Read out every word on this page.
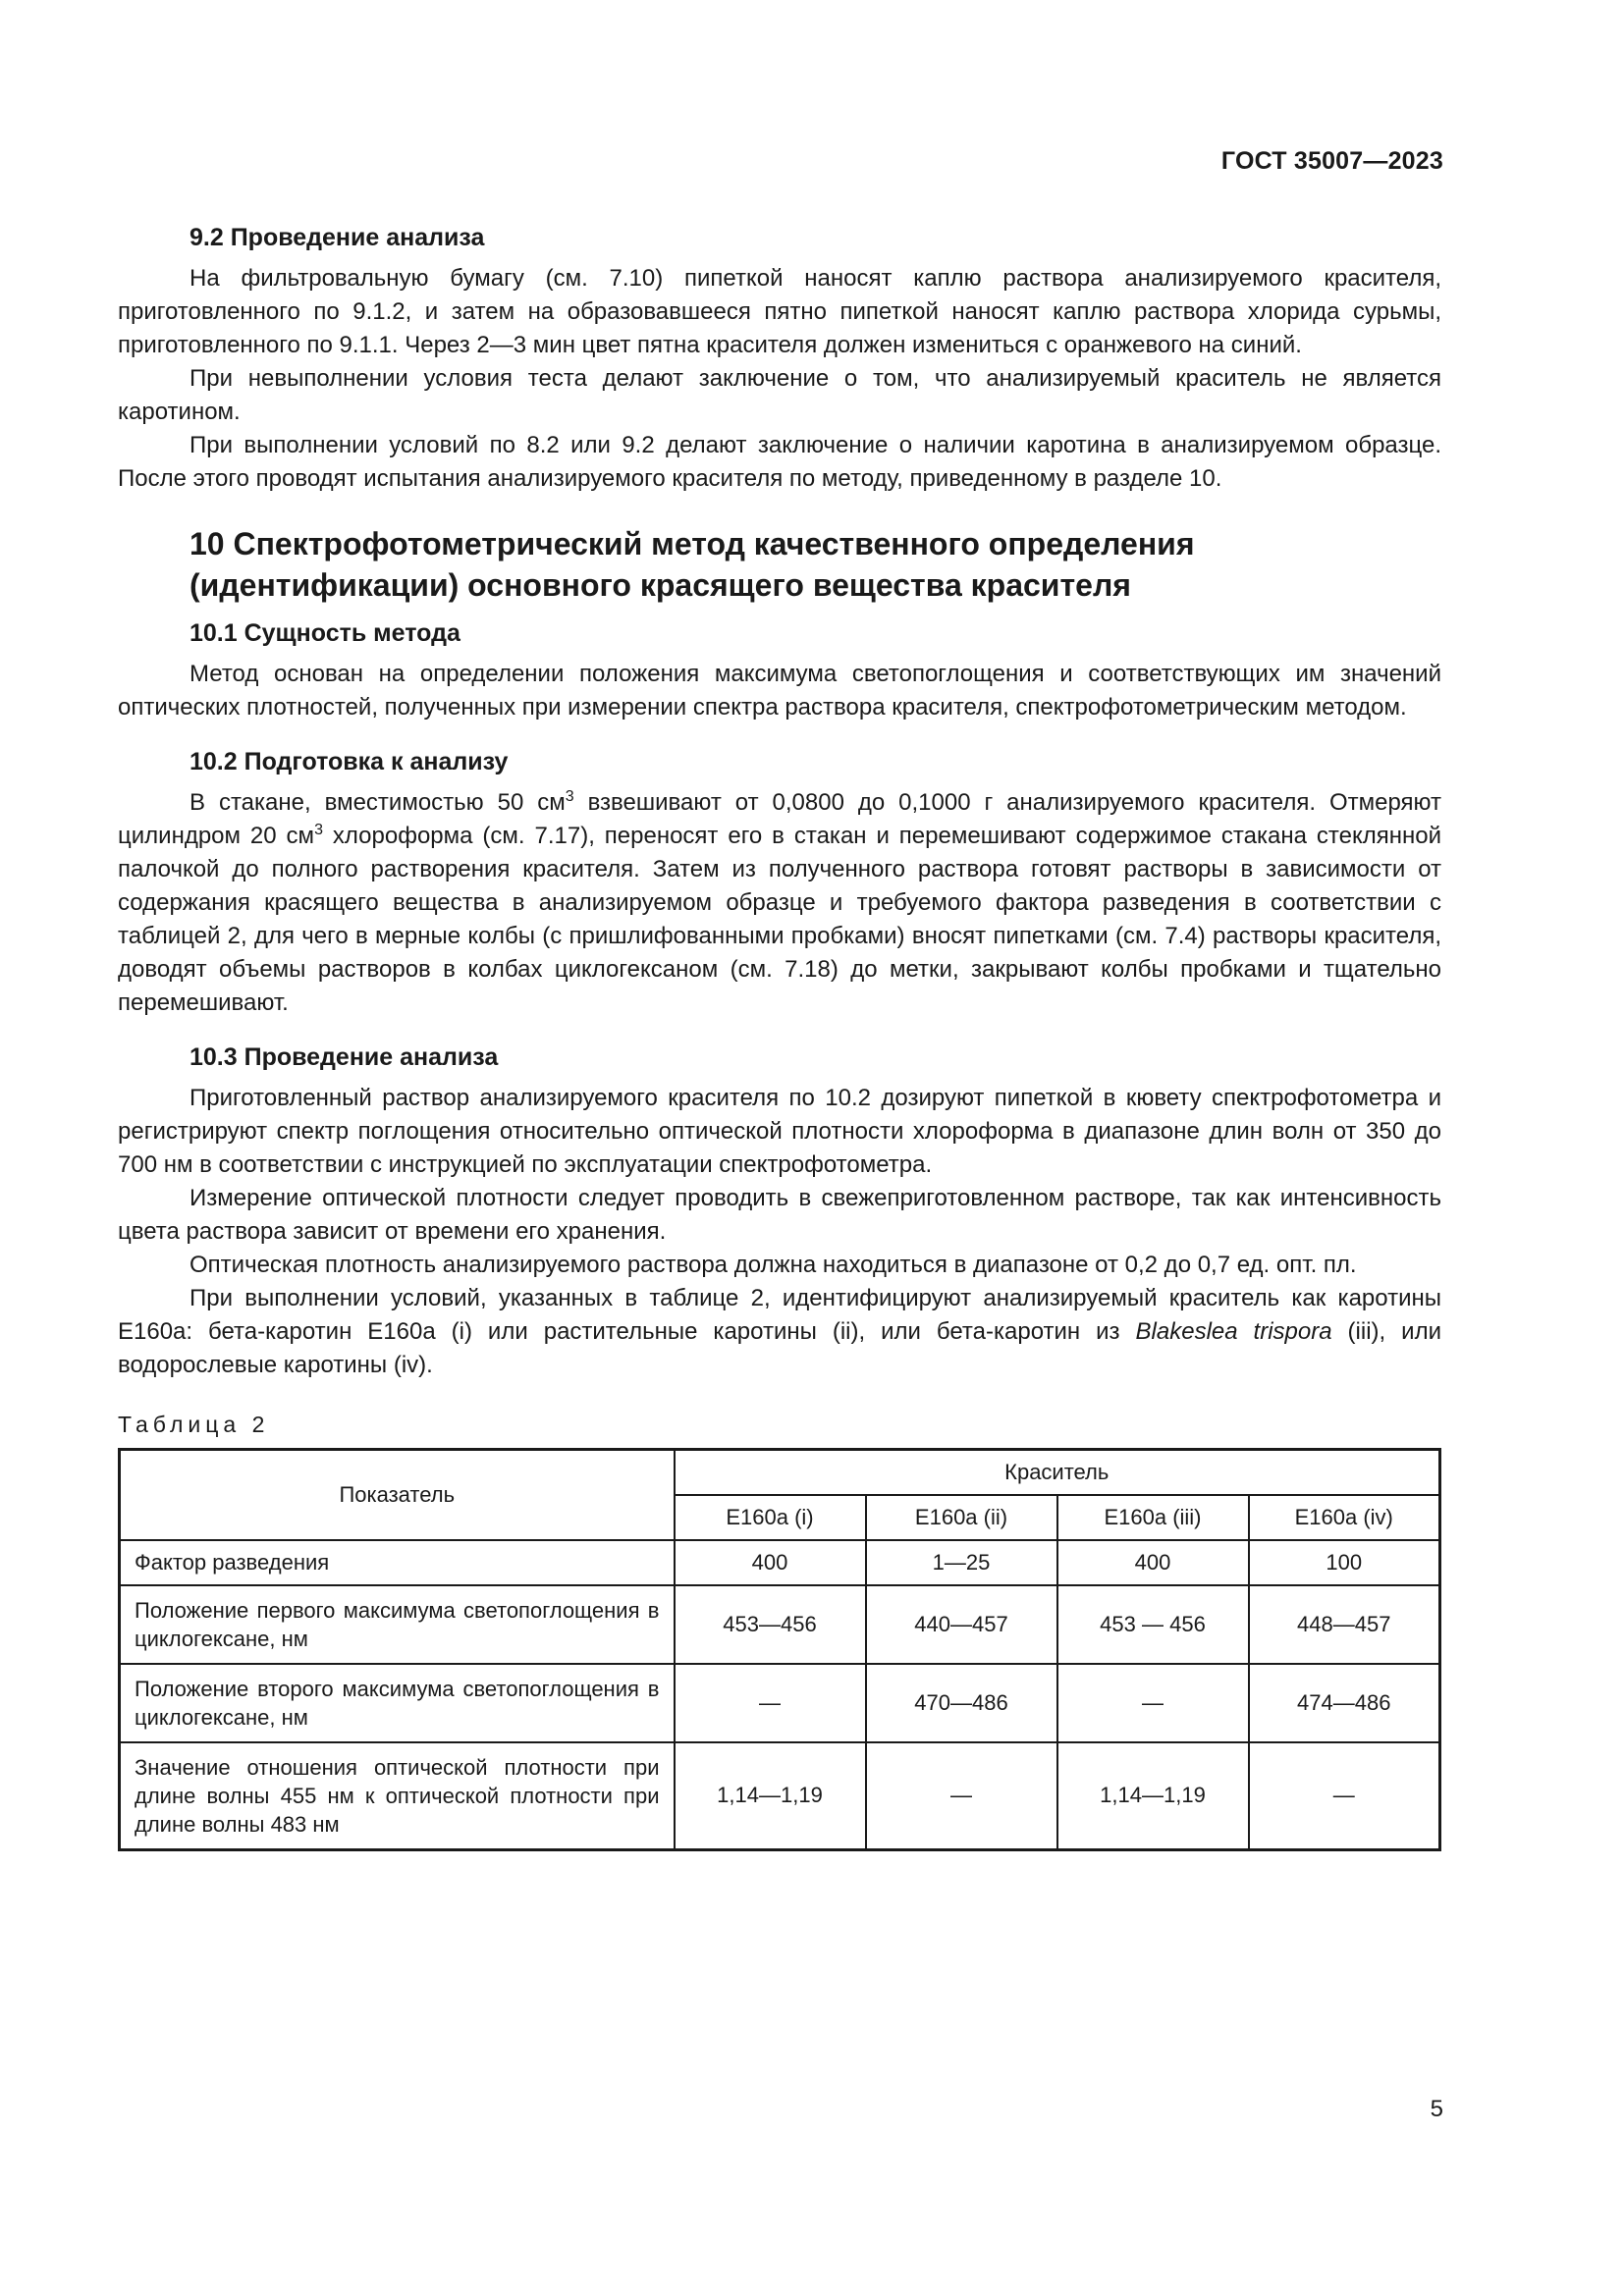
ГОСТ 35007—2023
9.2 Проведение анализа

На фильтровальную бумагу (см. 7.10) пипеткой наносят каплю раствора анализируемого красителя, приготовленного по 9.1.2, и затем на образовавшееся пятно пипеткой наносят каплю раствора хлорида сурьмы, приготовленного по 9.1.1. Через 2—3 мин цвет пятна красителя должен измениться с оранжевого на синий.

При невыполнении условия теста делают заключение о том, что анализируемый краситель не является каротином.

При выполнении условий по 8.2 или 9.2 делают заключение о наличии каротина в анализируемом образце. После этого проводят испытания анализируемого красителя по методу, приведенному в разделе 10.

10 Спектрофотометрический метод качественного определения
(идентификации) основного красящего вещества красителя
10.1 Сущность метода

Метод основан на определении положения максимума светопоглощения и соответствующих им значений оптических плотностей, полученных при измерении спектра раствора красителя, спектрофотометрическим методом.

10.2 Подготовка к анализу

В стакане, вместимостью 50 $см^3$ взвешивают от 0,0800 до 0,1000 г анализируемого красителя. Отмеряют цилиндром 20 $см^3$ хлороформа (см. 7.17), переносят его в стакан и перемешивают содержимое стакана стеклянной палочкой до полного растворения красителя. Затем из полученного раствора готовят растворы в зависимости от содержания красящего вещества в анализируемом образце и требуемого фактора разведения в соответствии с таблицей 2, для чего в мерные колбы (с пришлифованными пробками) вносят пипетками (см. 7.4) растворы красителя, доводят объемы растворов в колбах циклогексаном (см. 7.18) до метки, закрывают колбы пробками и тщательно перемешивают.

10.3 Проведение анализа

Приготовленный раствор анализируемого красителя по 10.2 дозируют пипеткой в кювету спектрофотометра и регистрируют спектр поглощения относительно оптической плотности хлороформа в диапазоне длин волн от 350 до 700 нм в соответствии с инструкцией по эксплуатации спектрофотометра.

Измерение оптической плотности следует проводить в свежеприготовленном растворе, так как интенсивность цвета раствора зависит от времени его хранения.

Оптическая плотность анализируемого раствора должна находиться в диапазоне от 0,2 до 0,7 ед. опт. пл.

При выполнении условий, указанных в таблице 2, идентифицируют анализируемый краситель как каротины Е160а: бета-каротин Е160а (i) или растительные каротины (ii), или бета-каротин из Blakeslea trispora (iii), или водорослевые каротины (iv).

Таблица 2
Показатель	Краситель			
	Е160а (i)	Е160а (ii)	Е160а (iii)	Е160а (iv)
Фактор разведения	400	1—25	400	100
Положение первого максимума светопоглощения в циклогексане, нм	453—456	440—457	453 — 456	448—457
Положение второго максимума светопоглощения в циклогексане, нм	—	470—486	—	474—486
Значение отношения оптической плотности при длине волны 455 нм к оптической плотности при длине волны 483 нм	1,14—1,19	—	1,14—1,19	—
5
